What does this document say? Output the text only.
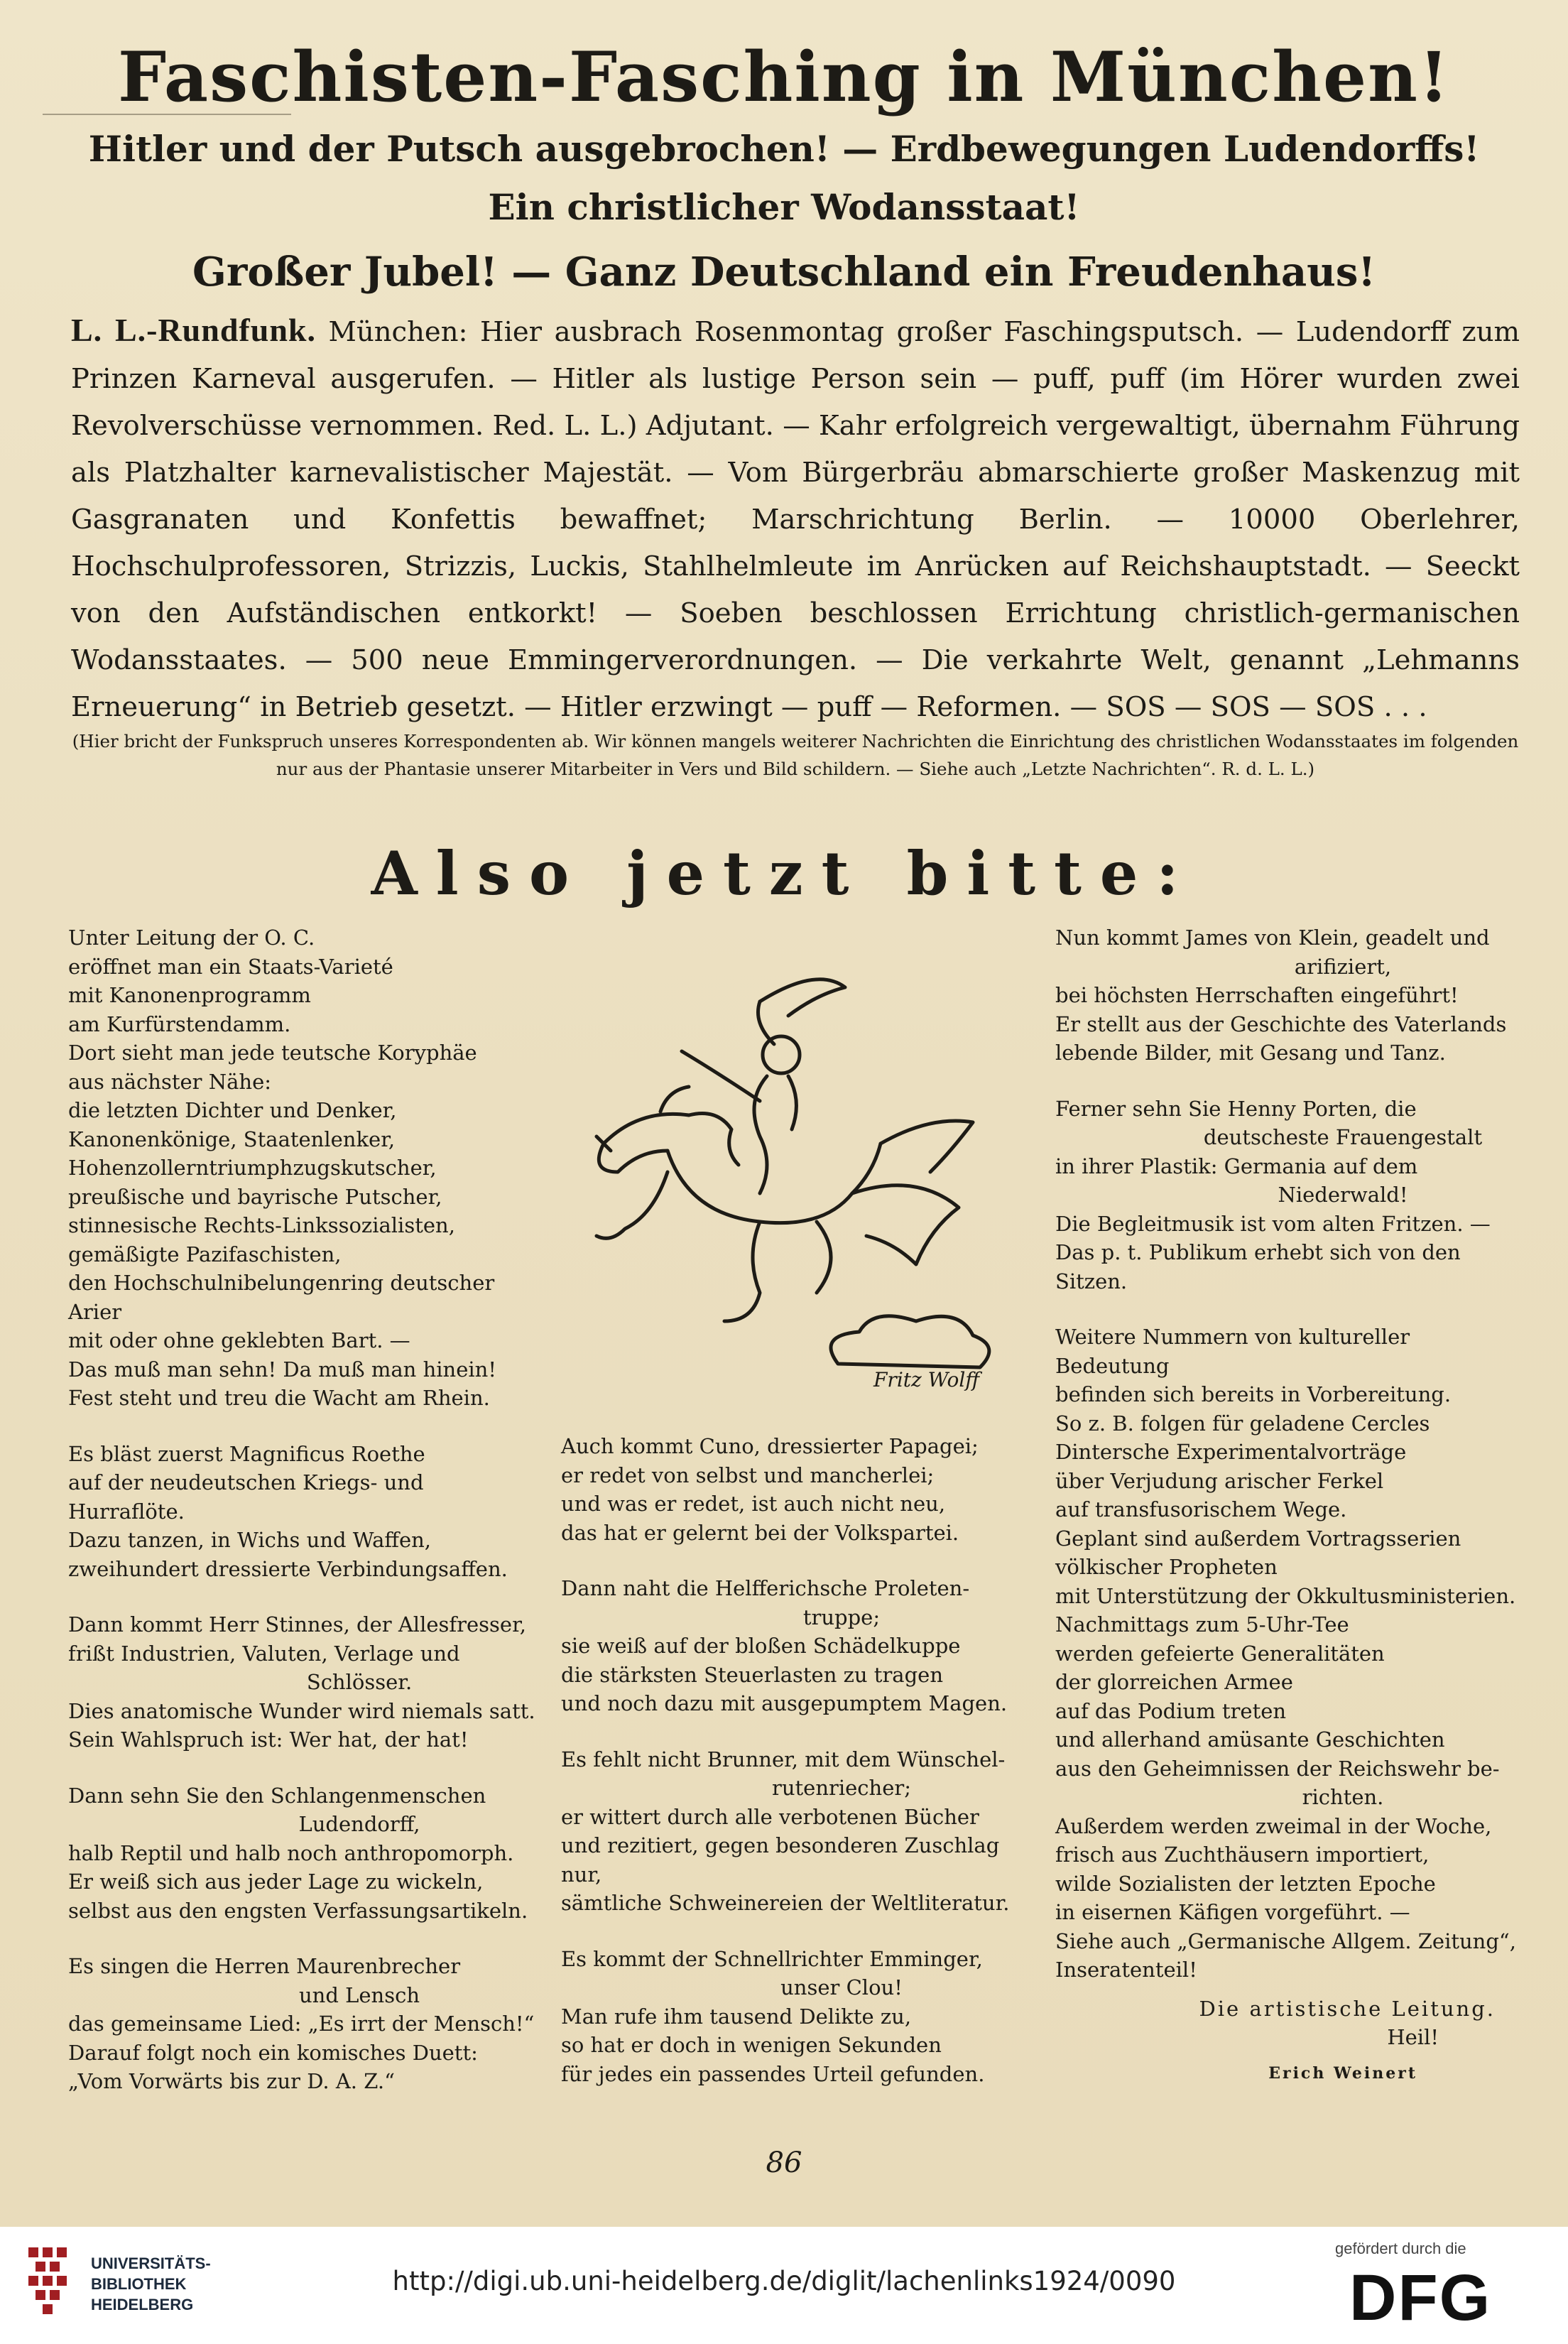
Faschisten-Fasching in München!

Hitler und der Putsch ausgebrochen! — Erdbewegungen Ludendorffs!

Ein christlicher Wodansstaat!

Großer Jubel! — Ganz Deutschland ein Freudenhaus!

L. L.-Rundfunk. München: Hier ausbrach Rosenmontag großer Faschingsputsch. — Ludendorff zum Prinzen Karneval ausgerufen. — Hitler als lustige Person sein — puff, puff (im Hörer wurden zwei Revolverschüsse vernommen. Red. L. L.) Adjutant. — Kahr erfolgreich vergewaltigt, übernahm Führung als Platzhalter karnevalistischer Majestät. — Vom Bürgerbräu abmarschierte großer Maskenzug mit Gasgranaten und Konfettis bewaffnet; Marschrichtung Berlin. — 10000 Oberlehrer, Hochschulprofessoren, Strizzis, Luckis, Stahlhelmleute im Anrücken auf Reichshauptstadt. — Seeckt von den Aufständischen entkorkt! — Soeben beschlossen Errichtung christlich-germanischen Wodansstaates. — 500 neue Emmingerverordnungen. — Die verkahrte Welt, genannt „Lehmanns Erneuerung“ in Betrieb gesetzt. — Hitler erzwingt — puff — Reformen. — SOS — SOS — SOS . . .
(Hier bricht der Funkspruch unseres Korrespondenten ab. Wir können mangels weiterer Nachrichten die Einrichtung des christlichen Wodansstaates im folgenden nur aus der Phantasie unserer Mitarbeiter in Vers und Bild schildern. — Siehe auch „Letzte Nachrichten“. R. d. L. L.)
Also jetzt bitte:

Unter Leitung der O. C.

eröffnet man ein Staats-Varieté

mit Kanonenprogramm

am Kurfürstendamm.

Dort sieht man jede teutsche Koryphäe

aus nächster Nähe:

die letzten Dichter und Denker,

Kanonenkönige, Staatenlenker,

Hohenzollerntriumphzugskutscher,

preußische und bayrische Putscher,

stinnesische Rechts-Linkssozialisten,

gemäßigte Pazifaschisten,

den Hochschulnibelungenring deutscher Arier

mit oder ohne geklebten Bart. —

Das muß man sehn! Da muß man hinein!

Fest steht und treu die Wacht am Rhein.

Es bläst zuerst Magnificus Roethe

auf der neudeutschen Kriegs- und Hurraflöte.

Dazu tanzen, in Wichs und Waffen,

zweihundert dressierte Verbindungsaffen.

Dann kommt Herr Stinnes, der Allesfresser,

frißt Industrien, Valuten, Verlage und

Schlösser.

Dies anatomische Wunder wird niemals satt.

Sein Wahlspruch ist: Wer hat, der hat!

Dann sehn Sie den Schlangenmenschen

Ludendorff,

halb Reptil und halb noch anthropomorph.

Er weiß sich aus jeder Lage zu wickeln,

selbst aus den engsten Verfassungsartikeln.

Es singen die Herren Maurenbrecher

und Lensch

das gemeinsame Lied: „Es irrt der Mensch!“

Darauf folgt noch ein komisches Duett:

„Vom Vorwärts bis zur D. A. Z.“

Fritz Wolff

Auch kommt Cuno, dressierter Papagei;

er redet von selbst und mancherlei;

und was er redet, ist auch nicht neu,

das hat er gelernt bei der Volkspartei.

Dann naht die Helfferichsche Proleten-

truppe;

sie weiß auf der bloßen Schädelkuppe

die stärksten Steuerlasten zu tragen

und noch dazu mit ausgepumptem Magen.

Es fehlt nicht Brunner, mit dem Wünschel-

rutenriecher;

er wittert durch alle verbotenen Bücher

und rezitiert, gegen besonderen Zuschlag nur,

sämtliche Schweinereien der Weltliteratur.

Es kommt der Schnellrichter Emminger,

unser Clou!

Man rufe ihm tausend Delikte zu,

so hat er doch in wenigen Sekunden

für jedes ein passendes Urteil gefunden.

Nun kommt James von Klein, geadelt und

arifiziert,

bei höchsten Herrschaften eingeführt!

Er stellt aus der Geschichte des Vaterlands

lebende Bilder, mit Gesang und Tanz.

Ferner sehn Sie Henny Porten, die

deutscheste Frauengestalt

in ihrer Plastik: Germania auf dem

Niederwald!

Die Begleitmusik ist vom alten Fritzen. —

Das p. t. Publikum erhebt sich von den Sitzen.

Weitere Nummern von kultureller Bedeutung

befinden sich bereits in Vorbereitung.

So z. B. folgen für geladene Cercles

Dintersche Experimentalvorträge

über Verjudung arischer Ferkel

auf transfusorischem Wege.

Geplant sind außerdem Vortragsserien

völkischer Propheten

mit Unterstützung der Okkultusministerien.

Nachmittags zum 5-Uhr-Tee

werden gefeierte Generalitäten

der glorreichen Armee

auf das Podium treten

und allerhand amüsante Geschichten

aus den Geheimnissen der Reichswehr be-

richten.

Außerdem werden zweimal in der Woche,

frisch aus Zuchthäusern importiert,

wilde Sozialisten der letzten Epoche

in eisernen Käfigen vorgeführt. —

Siehe auch „Germanische Allgem. Zeitung“,

Inseratenteil!

Die artistische Leitung.

Heil!

Erich Weinert

86
UNIVERSITÄTS-
BIBLIOTHEK
HEIDELBERG
http://digi.ub.uni-heidelberg.de/diglit/lachenlinks1924/0090
gefördert durch die
DFG
